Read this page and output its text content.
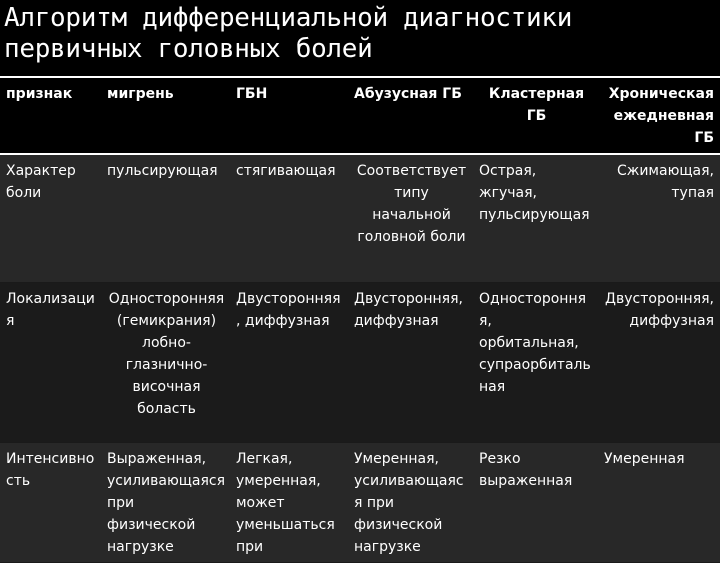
Алгоритм дифференциальной диагностики
первичных головных болей
признак	мигрень	ГБН	Абузусная ГБ	Кластерная ГБ	Хроническая ежедневная ГБ
Характер боли	пульсирующая	стягивающая	Соответствует типу начальной головной боли	Острая, жгучая, пульсирующая	Сжимающая, тупая
Локализация	Односторонняя (гемикрания) лобно-глазнично-височная боласть	Двусторонняя, диффузная	Двусторонняя, диффузная	Односторонняя, орбитальная, супраорбитальная	Двусторонняя, диффузная
Интенсивность	Выраженная, усиливающаяся при физической нагрузке	Легкая, умеренная, может уменьшаться при	Умеренная, усиливающаяся при физической нагрузке	Резко выраженная	Умеренная
